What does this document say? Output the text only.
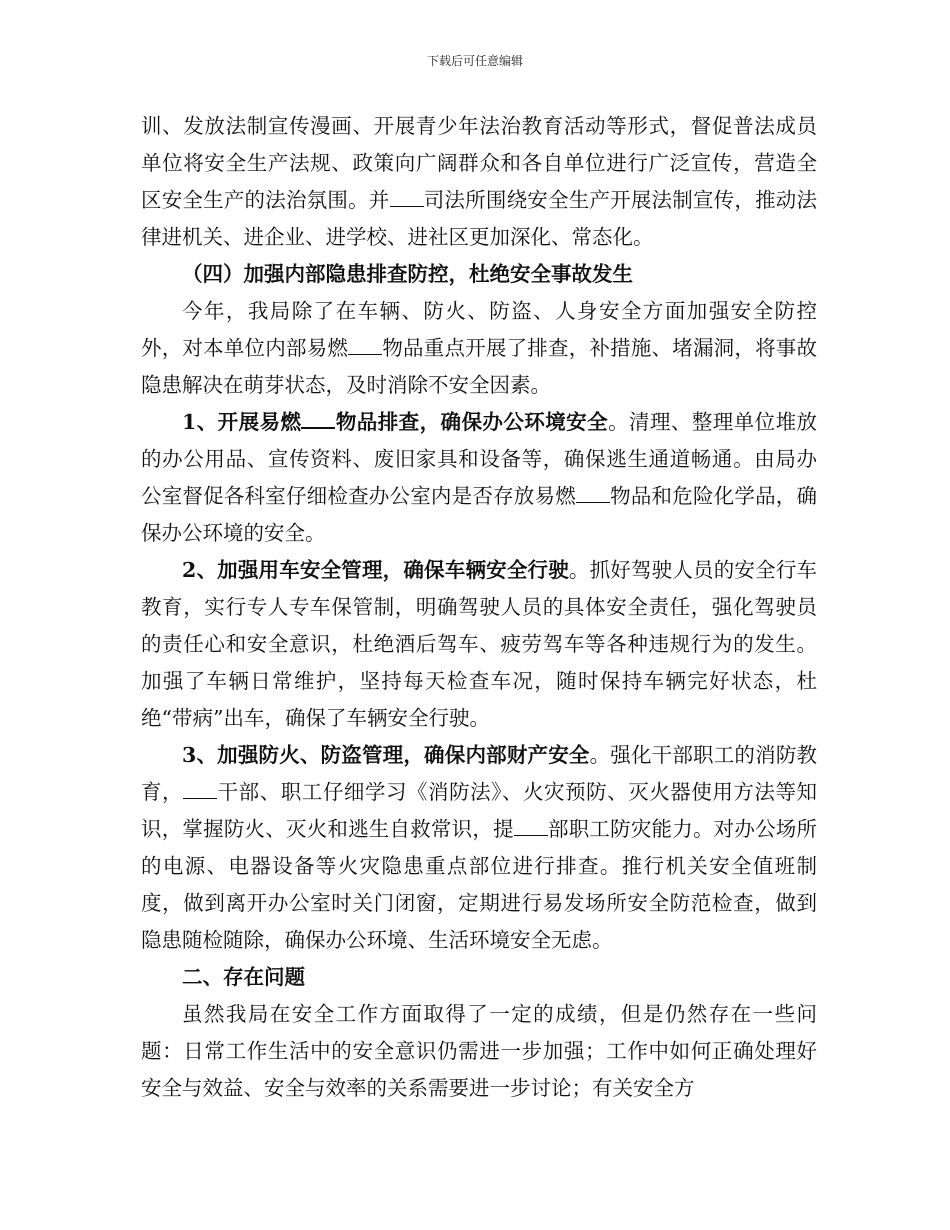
下载后可任意编辑

训、发放法制宣传漫画、开展青少年法治教育活动等形式，督促普法成员单位将安全生产法规、政策向广阔群众和各自单位进行广泛宣传，营造全区安全生产的法治氛围。并 司法所围绕安全生产开展法制宣传，推动法律进机关、进企业、进学校、进社区更加深化、常态化。

（四）加强内部隐患排查防控，杜绝安全事故发生

今年，我局除了在车辆、防火、防盗、人身安全方面加强安全防控外，对本单位内部易燃 物品重点开展了排查，补措施、堵漏洞，将事故隐患解决在萌芽状态，及时消除不安全因素。

1、开展易燃 物品排查，确保办公环境安全。清理、整理单位堆放的办公用品、宣传资料、废旧家具和设备等，确保逃生通道畅通。由局办公室督促各科室仔细检查办公室内是否存放易燃 物品和危险化学品，确保办公环境的安全。

2、加强用车安全管理，确保车辆安全行驶。抓好驾驶人员的安全行车教育，实行专人专车保管制，明确驾驶人员的具体安全责任，强化驾驶员的责任心和安全意识，杜绝酒后驾车、疲劳驾车等各种违规行为的发生。加强了车辆日常维护，坚持每天检查车况，随时保持车辆完好状态，杜绝“带病”出车，确保了车辆安全行驶。

3、加强防火、防盗管理，确保内部财产安全。强化干部职工的消防教育， 干部、职工仔细学习《消防法》、火灾预防、灭火器使用方法等知识，掌握防火、灭火和逃生自救常识，提 部职工防灾能力。对办公场所的电源、电器设备等火灾隐患重点部位进行排查。推行机关安全值班制度，做到离开办公室时关门闭窗，定期进行易发场所安全防范检查，做到隐患随检随除，确保办公环境、生活环境安全无虑。

二、存在问题

虽然我局在安全工作方面取得了一定的成绩，但是仍然存在一些问题：日常工作生活中的安全意识仍需进一步加强；工作中如何正确处理好安全与效益、安全与效率的关系需要进一步讨论；有关安全方
